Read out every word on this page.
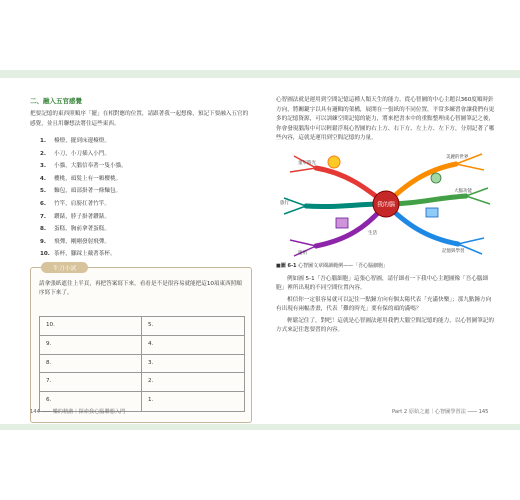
二、融入五官感覺
把要記憶的東西照順序「擺」在相對應的位置，請跟著我一起想像，預記下要融入五官的感覺，並且用聯想法將住這些東西。
1.	檯燈，擺到床邊檯燈。
2.	小刀，小刀插入小門。
3.	小貓，大腦信奉著一隻小貓。
4.	櫻桃，頭髮上有一顆櫻桃。
5.	麵包，頭部掛著一條麵包。
6.	竹竿，肩膀扛著竹竿。
7.	鑽錶，脖子掛著鑽錶。
8.	蛋糕，胸前拿著蛋糕。
9.	飛彈，剛剛發射飛彈。
10. 茶杯，腳踩上戴著茶杯。
牛刀小試
請拿張紙遮住上半頁，再把答案寫下來，看看是不是很容易就能把這10項東西照順序寫下來了。
10.	5.
9.	4.
8.	3.
7.	2.
6.	1.
心智圖法就是運用到空間記憶這種人類天生的能力，從心智圖的中心主題以360度順時針方向，將關鍵字以具有邏輯的架構，展開在一張紙的不同位置，平常多練習會讓我們有更多的記憶資源，可以訓練空間記憶的能力，將來把書本中的重點整理成心智圖筆記之後，你會發現腦海中可以輕鬆浮現心智圖的右上方、右下方、左上方、左下方，分別記著了哪些內容，這就是運用到空間記憶的力量。
我的腦
童年時光
美麗的世界
大腦功能
記憶與學習
運用
旅行
生活
■圖 6-1 心智圖文章閱讀範例——「吾心腦細胞」
例如圖 5-1「吾心腦細胞」這張心智圖，請仔細看一下我中心主題圖像「吾心腦細胞」裡所出現的不同空間位置內容。
相信你一定很容易就可以記住一點鐘方向有個太陽代表「充滿快樂」；那九點鐘方向有出現有兩幅書畫，代表「難的時光」要有保的頭的滿嗎？
輕鬆記住了，對吧！這就是心智圖法運用我們大腦空間記憶的能力，以心智圖筆記的方式來記住您要習的內容。
144 ─── 樂的精諧｜探索我心腦聯想入門	Part 2 原始之處｜心智圖學習法 ─── 145
